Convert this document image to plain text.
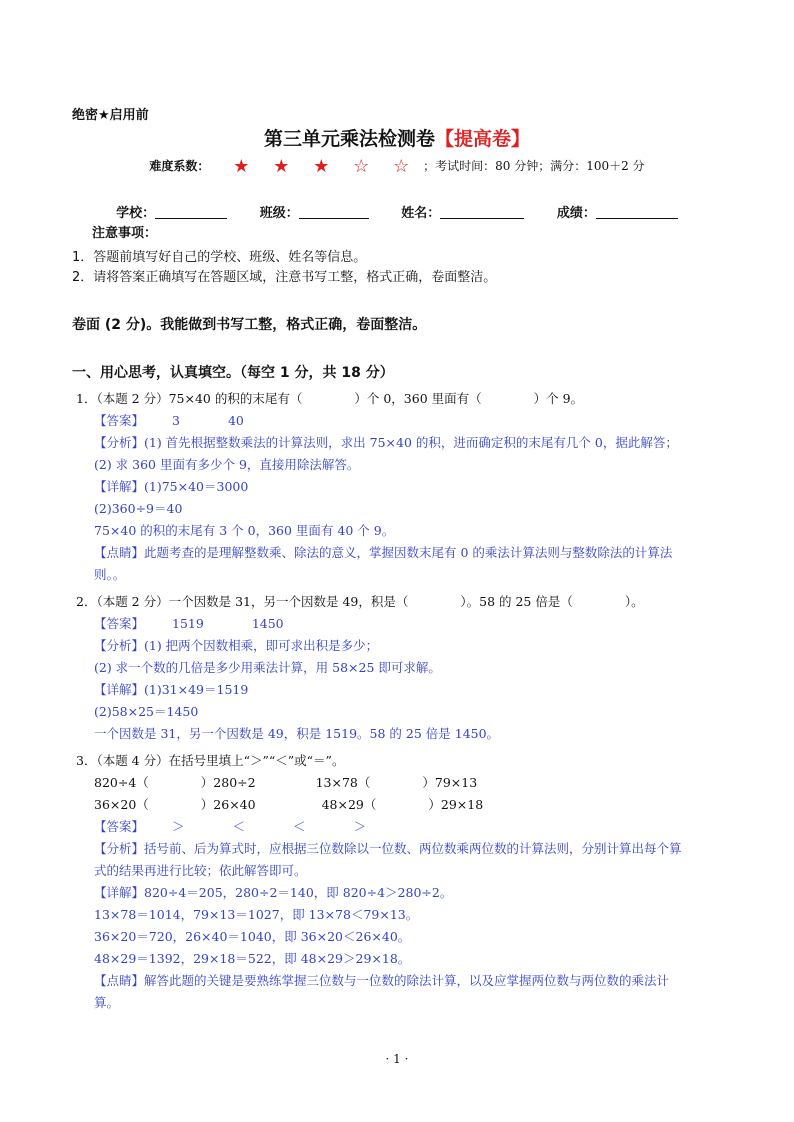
绝密★启用前
第三单元乘法检测卷【提高卷】
难度系数： ★ ★ ★ ☆ ☆ ；考试时间：80 分钟；满分：100＋2 分
学校：	班级：	姓名：	成绩：
注意事项：
1．答题前填写好自己的学校、班级、姓名等信息。
2．请将答案正确填写在答题区域，注意书写工整，格式正确，卷面整洁。
卷面 (2 分)。我能做到书写工整，格式正确，卷面整洁。
一、用心思考，认真填空。（每空 1 分，共 18 分）
1．（本题 2 分）75×40 的积的末尾有（	）个 0，360 里面有（	）个 9。
【答案】 3	40
【分析】(1) 首先根据整数乘法的计算法则，求出 75×40 的积，进而确定积的末尾有几个 0，据此解答；
(2) 求 360 里面有多少个 9，直接用除法解答。
【详解】(1)75×40＝3000
(2)360÷9＝40
75×40 的积的末尾有 3 个 0，360 里面有 40 个 9。
【点睛】此题考查的是理解整数乘、除法的意义，掌握因数末尾有 0 的乘法计算法则与整数除法的计算法
则。。
2．（本题 2 分）一个因数是 31，另一个因数是 49，积是（	）。58 的 25 倍是（	）。
【答案】 1519	1450
【分析】(1) 把两个因数相乘，即可求出积是多少；
(2) 求一个数的几倍是多少用乘法计算，用 58×25 即可求解。
【详解】(1)31×49＝1519
(2)58×25＝1450
一个因数是 31，另一个因数是 49，积是 1519。58 的 25 倍是 1450。
3．（本题 4 分）在括号里填上“＞”“＜”或“＝”。
820÷4（	）280÷2	13×78（	）79×13
36×20（	）26×40	48×29（	）29×18
【答案】 ＞	＜	＜	＞
【分析】括号前、后为算式时，应根据三位数除以一位数、两位数乘两位数的计算法则，分别计算出每个算
式的结果再进行比较；依此解答即可。
【详解】820÷4＝205，280÷2＝140，即 820÷4＞280÷2。
13×78＝1014，79×13＝1027，即 13×78＜79×13。
36×20＝720，26×40＝1040，即 36×20＜26×40。
48×29＝1392，29×18＝522，即 48×29＞29×18。
【点睛】解答此题的关键是要熟练掌握三位数与一位数的除法计算，以及应掌握两位数与两位数的乘法计
算。
· 1 ·
